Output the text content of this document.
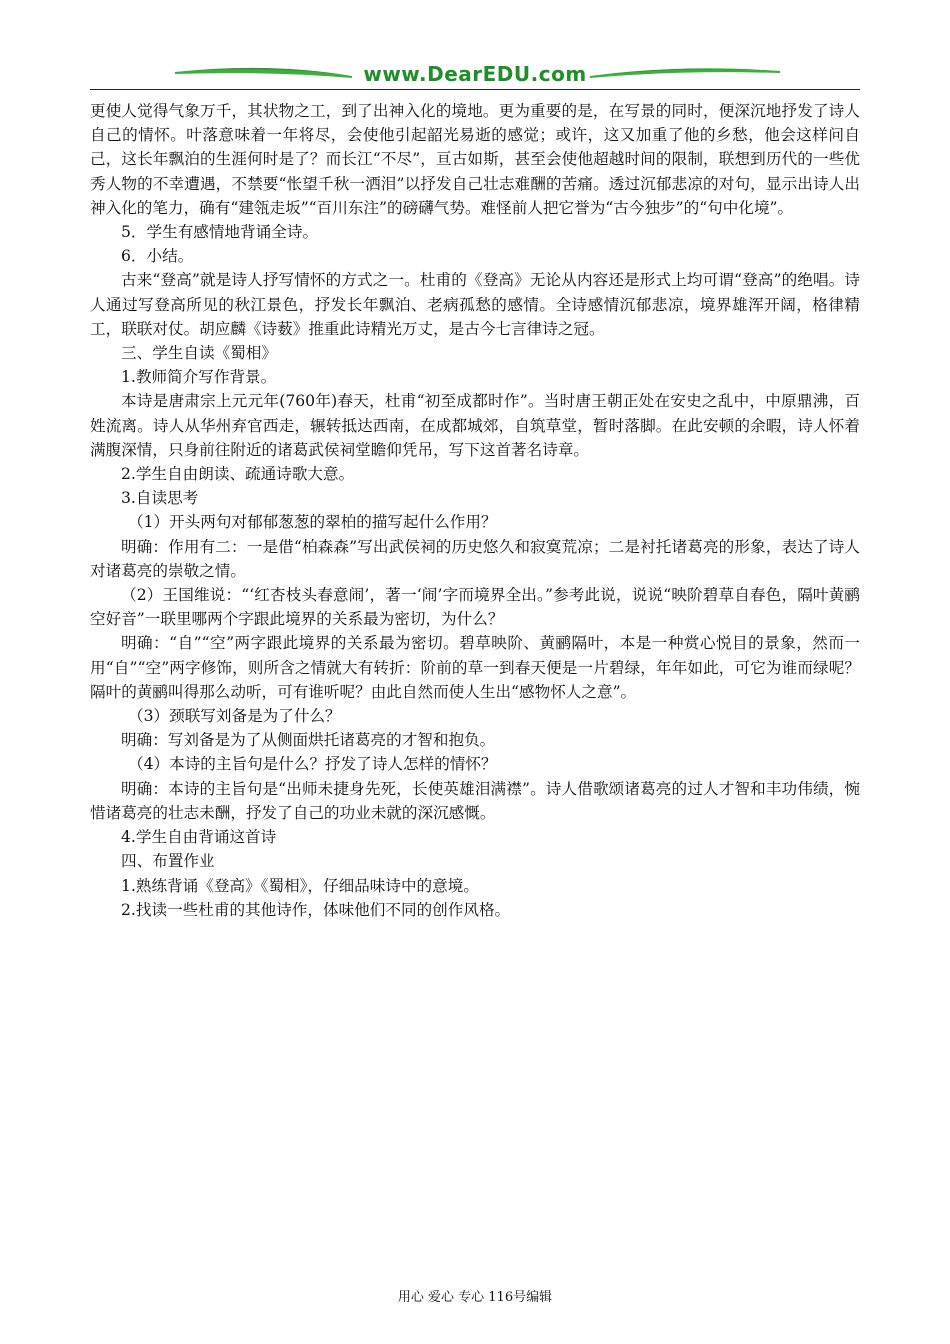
www.DearEDU.com

更使人觉得气象万千，其状物之工，到了出神入化的境地。更为重要的是，在写景的同时，便深沉地抒发了诗人自己的情怀。叶落意味着一年将尽，会使他引起韶光易逝的感觉；或许，这又加重了他的乡愁，他会这样问自己，这长年飘泊的生涯何时是了？而长江“不尽”，亘古如斯，甚至会使他超越时间的限制，联想到历代的一些优秀人物的不幸遭遇，不禁要“怅望千秋一洒泪”以抒发自己壮志难酬的苦痛。透过沉郁悲凉的对句，显示出诗人出神入化的笔力，确有“建瓴走坂”“百川东注”的磅礴气势。难怪前人把它誉为“古今独步”的“句中化境”。

5．学生有感情地背诵全诗。

6．小结。

古来“登高”就是诗人抒写情怀的方式之一。杜甫的《登高》无论从内容还是形式上均可谓“登高”的绝唱。诗人通过写登高所见的秋江景色，抒发长年飘泊、老病孤愁的感情。全诗感情沉郁悲凉，境界雄浑开阔，格律精工，联联对仗。胡应麟《诗薮》推重此诗精光万丈，是古今七言律诗之冠。

三、学生自读《蜀相》

1.教师简介写作背景。

本诗是唐肃宗上元元年(760年)春天，杜甫“初至成都时作”。当时唐王朝正处在安史之乱中，中原鼎沸，百姓流离。诗人从华州弃官西走，辗转抵达西南，在成都城郊，自筑草堂，暂时落脚。在此安顿的余暇，诗人怀着满腹深情，只身前往附近的诸葛武侯祠堂瞻仰凭吊，写下这首著名诗章。

2.学生自由朗读、疏通诗歌大意。

3.自读思考

（1）开头两句对郁郁葱葱的翠柏的描写起什么作用？

明确：作用有二：一是借“柏森森”写出武侯祠的历史悠久和寂寞荒凉；二是衬托诸葛亮的形象，表达了诗人对诸葛亮的崇敬之情。

（2）王国维说：“‘红杏枝头春意闹’，著一‘闹’字而境界全出。”参考此说，说说“映阶碧草自春色，隔叶黄鹂空好音”一联里哪两个字跟此境界的关系最为密切，为什么？

明确：“自”“空”两字跟此境界的关系最为密切。碧草映阶、黄鹂隔叶，本是一种赏心悦目的景象，然而一用“自”“空”两字修饰，则所含之情就大有转折：阶前的草一到春天便是一片碧绿，年年如此，可它为谁而绿呢？隔叶的黄鹂叫得那么动听，可有谁听呢？由此自然而使人生出“感物怀人之意”。

（3）颈联写刘备是为了什么？

明确：写刘备是为了从侧面烘托诸葛亮的才智和抱负。

（4）本诗的主旨句是什么？抒发了诗人怎样的情怀？

明确：本诗的主旨句是“出师未捷身先死，长使英雄泪满襟”。诗人借歌颂诸葛亮的过人才智和丰功伟绩，惋惜诸葛亮的壮志未酬，抒发了自己的功业未就的深沉感慨。

4.学生自由背诵这首诗

四、布置作业

1.熟练背诵《登高》《蜀相》，仔细品味诗中的意境。

2.找读一些杜甫的其他诗作，体味他们不同的创作风格。

用心 爱心 专心 116号编辑
